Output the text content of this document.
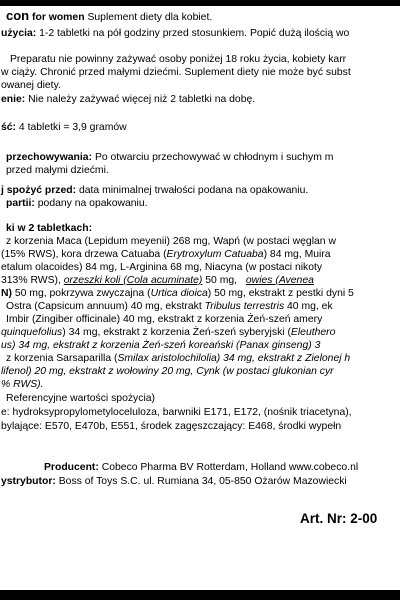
con for women Suplement diety dla kobiet.
użycia: 1-2 tabletki na pół godziny przed stosunkiem. Popić dużą ilością wo
Preparatu nie powinny zażywać osoby poniżej 18 roku życia, kobiety karr
w ciąży. Chronić przed małymi dziećmi. Suplement diety nie może być subst
owanej diety.
enie: Nie należy zażywać więcej niż 2 tabletki na dobę.
ść: 4 tabletki = 3,9 gramów
przechowywania: Po otwarciu przechowywać w chłodnym i suchym m
przed małymi dziećmi.
j spożyć przed: data minimalnej trwałości podana na opakowaniu.
partii: podany na opakowaniu.
ki w 2 tabletkach:
z korzenia Maca (Lepidum meyenii) 268 mg, Wapń (w postaci węglan w
(15% RWS), kora drzewa Catuaba (Erytroxylum Catuaba) 84 mg, Muira
etalum olacoides) 84 mg, L-Arginina 68 mg, Niacyna (w postaci nikoty
313% RWS), orzeszki koli (Cola acuminate) 50 mg, owies (Avenea
N) 50 mg, pokrzywa zwyczajna (Urtica dioica) 50 mg, ekstrakt z pestki dyni 5
Ostra (Capsicum annuum) 40 mg, ekstrakt Tribulus terrestris 40 mg, ek
Imbir (Zingiber officinale) 40 mg, ekstrakt z korzenia Żeń-szeń amery
quinquefolius) 34 mg, ekstrakt z korzenia Żeń-szeń syberyjski (Eleuthero
us) 34 mg, ekstrakt z korzenia Żeń-szeń koreański (Panax ginseng) 3
z korzenia Sarsaparilla (Smilax aristolochilolia) 34 mg, ekstrakt z Zielonej h
lifenol) 20 mg, ekstrakt z wołowiny 20 mg, Cynk (w postaci glukonian cyr
% RWS).
Referencyjne wartości spożycia)
e: hydroksypropylometyloceluloza, barwniki E171, E172, (nośnik triacetyna),
bylające: E570, E470b, E551, środek zagęszczający: E468, środki wypełn
Producent: Cobeco Pharma BV Rotterdam, Holland www.cobeco.nl
ystrybutor: Boss of Toys S.C. ul. Rumiana 34, 05-850 Ożarów Mazowiecki
Art. Nr: 2-00
